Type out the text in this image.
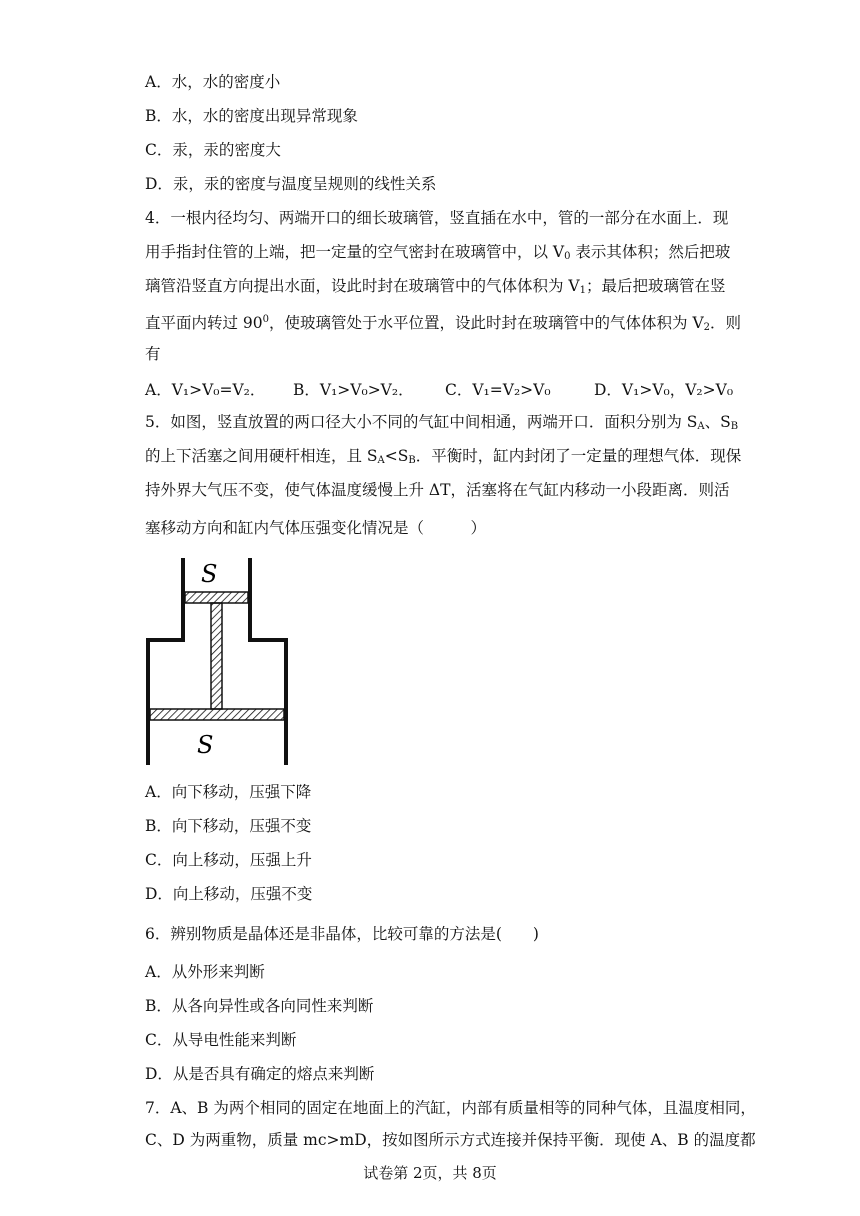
A．水，水的密度小
B．水，水的密度出现异常现象
C．汞，汞的密度大
D．汞，汞的密度与温度呈规则的线性关系
4．一根内径均匀、两端开口的细长玻璃管，竖直插在水中，管的一部分在水面上．现
用手指封住管的上端，把一定量的空气密封在玻璃管中，以 $V_0$ 表示其体积；然后把玻
璃管沿竖直方向提出水面，设此时封在玻璃管中的气体体积为 $V_1$；最后把玻璃管在竖
直平面内转过 $90^0$，使玻璃管处于水平位置，设此时封在玻璃管中的气体体积为 $V_2$．则
有
A．V₁>V₀=V₂． B．V₁>V₀>V₂． C．V₁=V₂>V₀	D．V₁>V₀，V₂>V₀
5．如图，竖直放置的两口径大小不同的气缸中间相通，两端开口．面积分别为 $S_A$、$S_B$
的上下活塞之间用硬杆相连，且 $S_A<S_B$．平衡时，缸内封闭了一定量的理想气体．现保
持外界大气压不变，使气体温度缓慢上升 ΔT，活塞将在气缸内移动一小段距离．则活
塞移动方向和缸内气体压强变化情况是（　　　）
S
S
A．向下移动，压强下降
B．向下移动，压强不变
C．向上移动，压强上升
D．向上移动，压强不变
6．辨别物质是晶体还是非晶体，比较可靠的方法是(　　)
A．从外形来判断
B．从各向异性或各向同性来判断
C．从导电性能来判断
D．从是否具有确定的熔点来判断
7．A、B 为两个相同的固定在地面上的汽缸，内部有质量相等的同种气体，且温度相同，
C、D 为两重物，质量 mc>mD，按如图所示方式连接并保持平衡．现使 A、B 的温度都
试卷第 2页，共 8页
